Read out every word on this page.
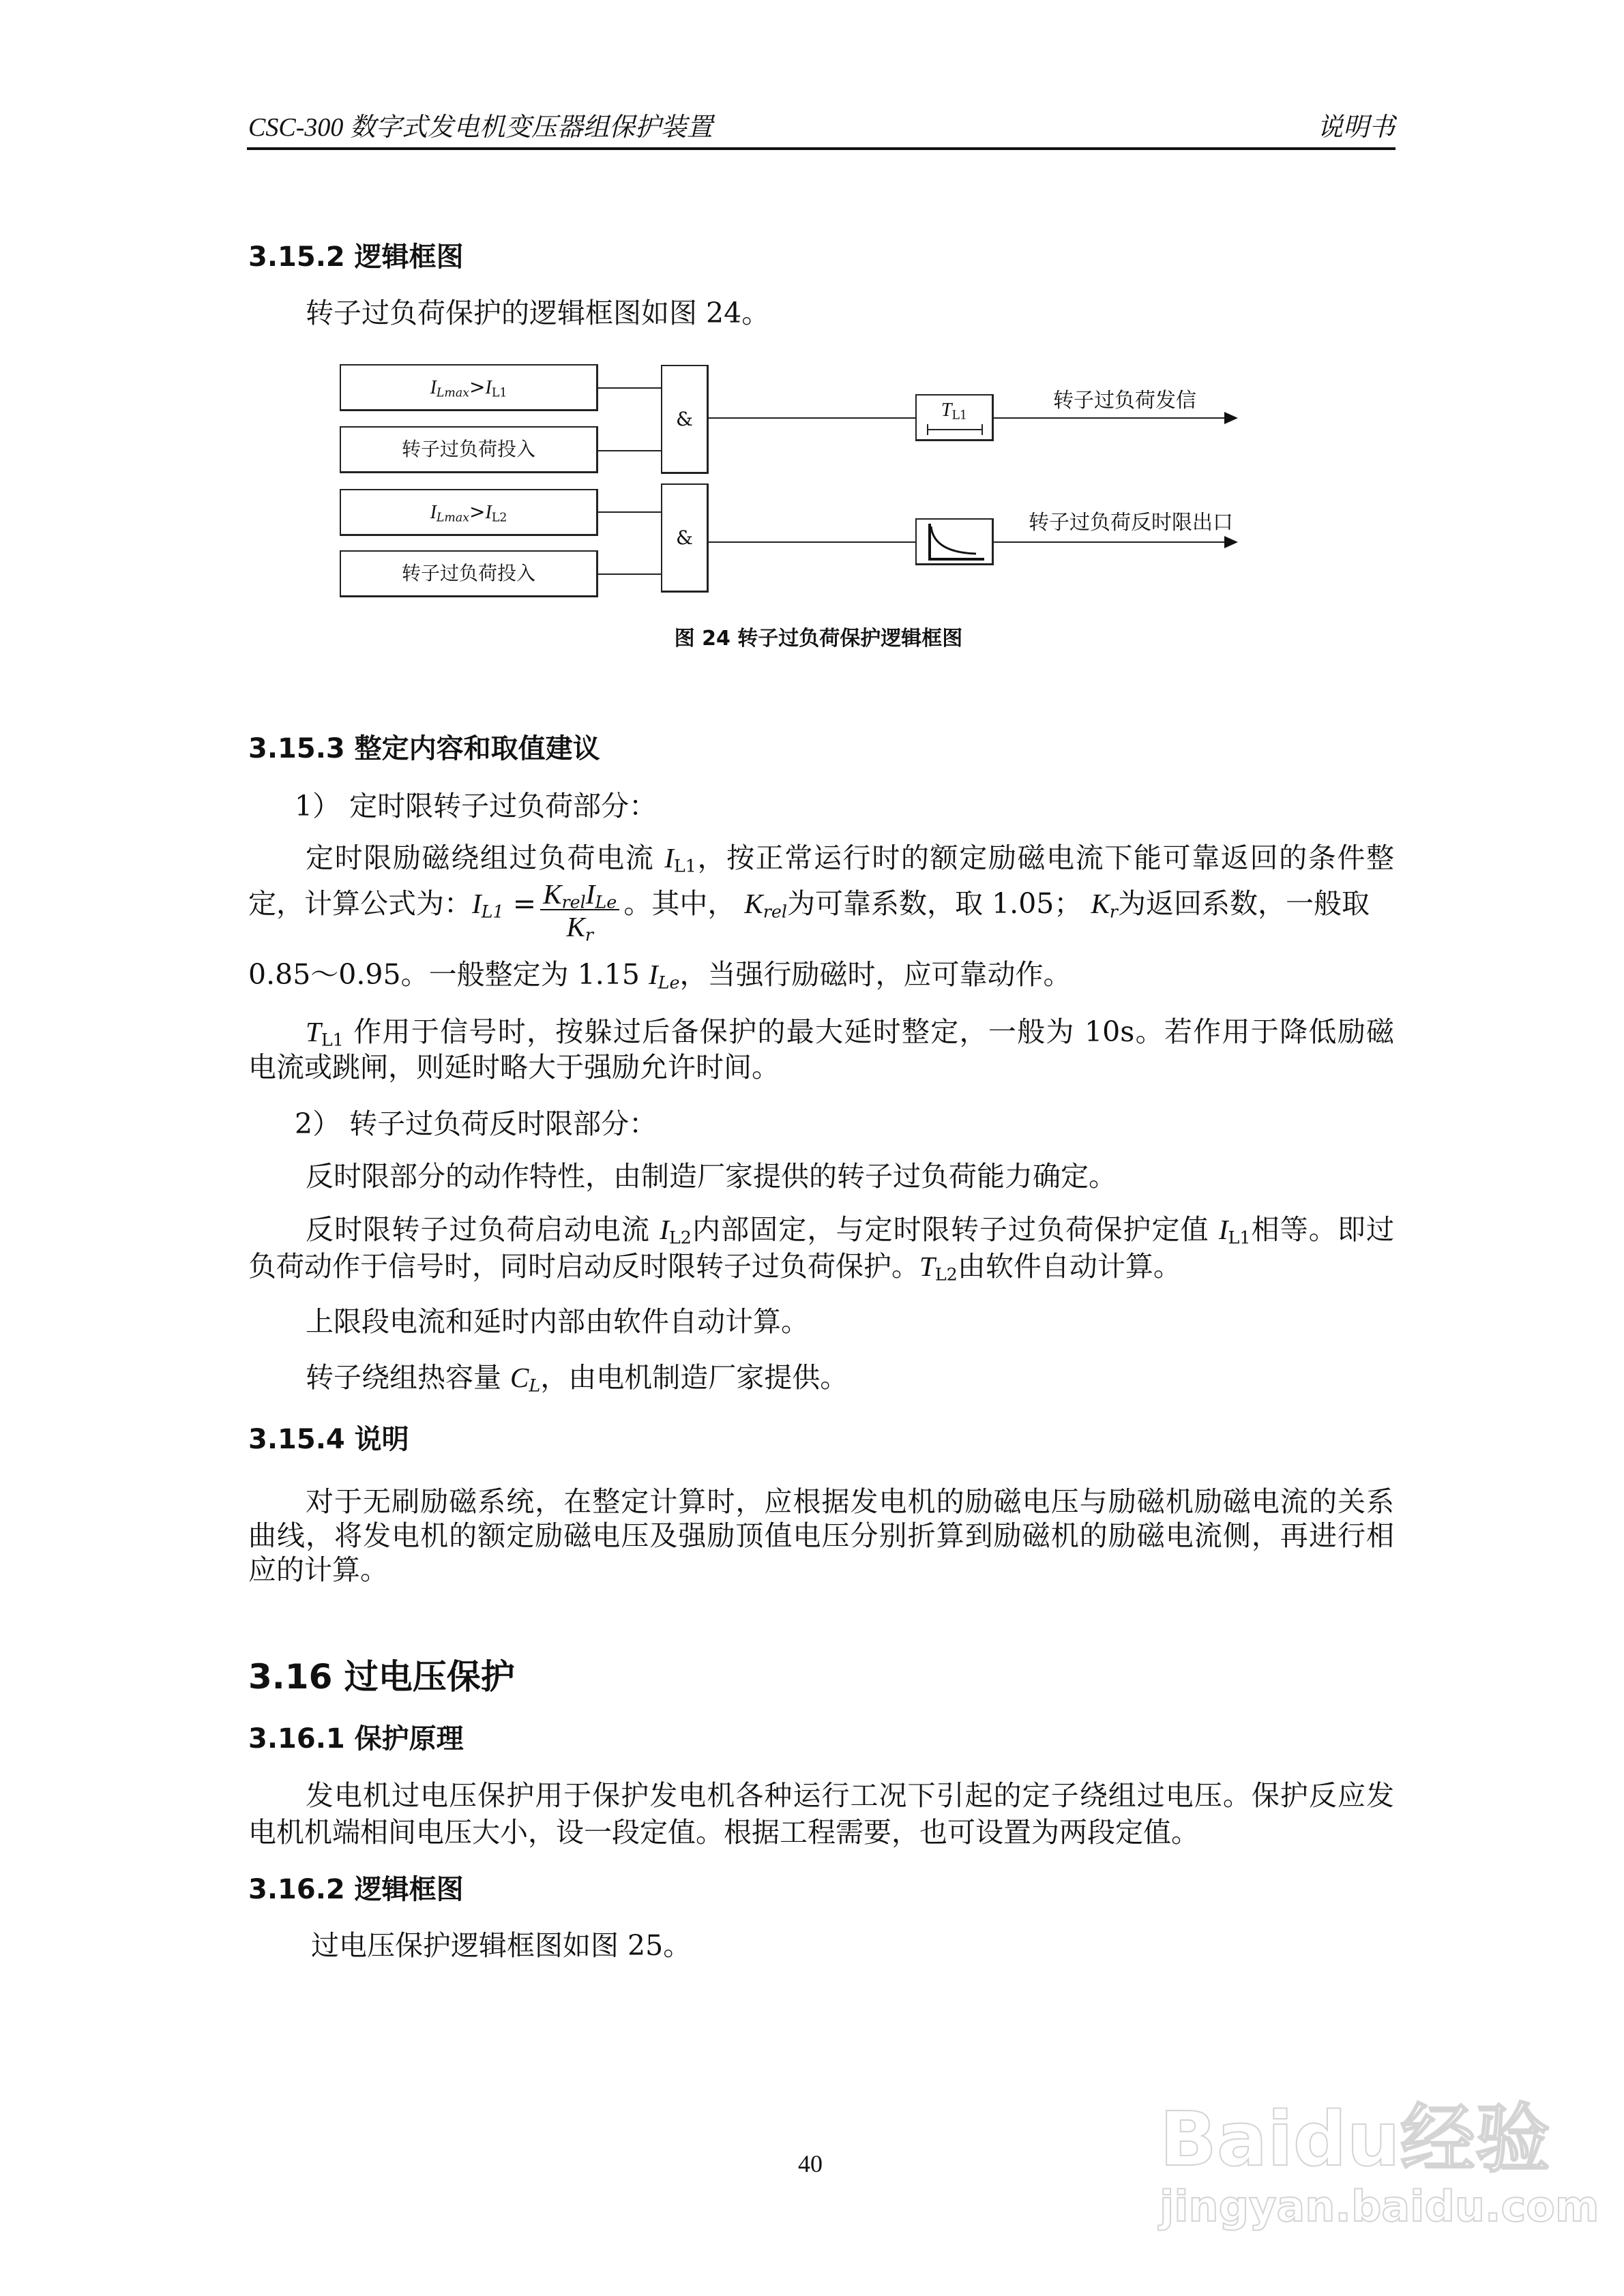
CSC-300 数字式发电机变压器组保护装置	说明书
3.15.2 逻辑框图
转子过负荷保护的逻辑框图如图 24。
$I_{Lmax}>I_{L1}$
转子过负荷投入
&	$T_{L1}$
转子过负荷发信
$I_{Lmax}>I_{L2}$
转子过负荷投入
&
转子过负荷反时限出口
图 24 转子过负荷保护逻辑框图
3.15.3 整定内容和取值建议
1） 定时限转子过负荷部分：
定时限励磁绕组过负荷电流 $I_{L1}$，按正常运行时的额定励磁电流下能可靠返回的条件整
定，计算公式为：$I_{L1} = \frac{K_{rel}I_{Le}}{K_r}$ 。其中， $K_{rel}$为可靠系数，取 1.05； $K_r$为返回系数，一般取
0.85～0.95。一般整定为 1.15 $I_{Le}$，当强行励磁时，应可靠动作。
$T_{L1}$ 作用于信号时，按躲过后备保护的最大延时整定，一般为 10s。若作用于降低励磁
电流或跳闸，则延时略大于强励允许时间。
2） 转子过负荷反时限部分：
反时限部分的动作特性，由制造厂家提供的转子过负荷能力确定。
反时限转子过负荷启动电流 $I_{L2}$内部固定，与定时限转子过负荷保护定值 $I_{L1}$相等。即过
负荷动作于信号时，同时启动反时限转子过负荷保护。$T_{L2}$由软件自动计算。
上限段电流和延时内部由软件自动计算。
转子绕组热容量 $C_L$，由电机制造厂家提供。
3.15.4 说明
对于无刷励磁系统，在整定计算时，应根据发电机的励磁电压与励磁机励磁电流的关系
曲线，将发电机的额定励磁电压及强励顶值电压分别折算到励磁机的励磁电流侧，再进行相
应的计算。
3.16 过电压保护
3.16.1 保护原理
发电机过电压保护用于保护发电机各种运行工况下引起的定子绕组过电压。保护反应发
电机机端相间电压大小，设一段定值。根据工程需要，也可设置为两段定值。
3.16.2 逻辑框图
过电压保护逻辑框图如图 25。
40	Baidu经验
jingyan.baidu.com
